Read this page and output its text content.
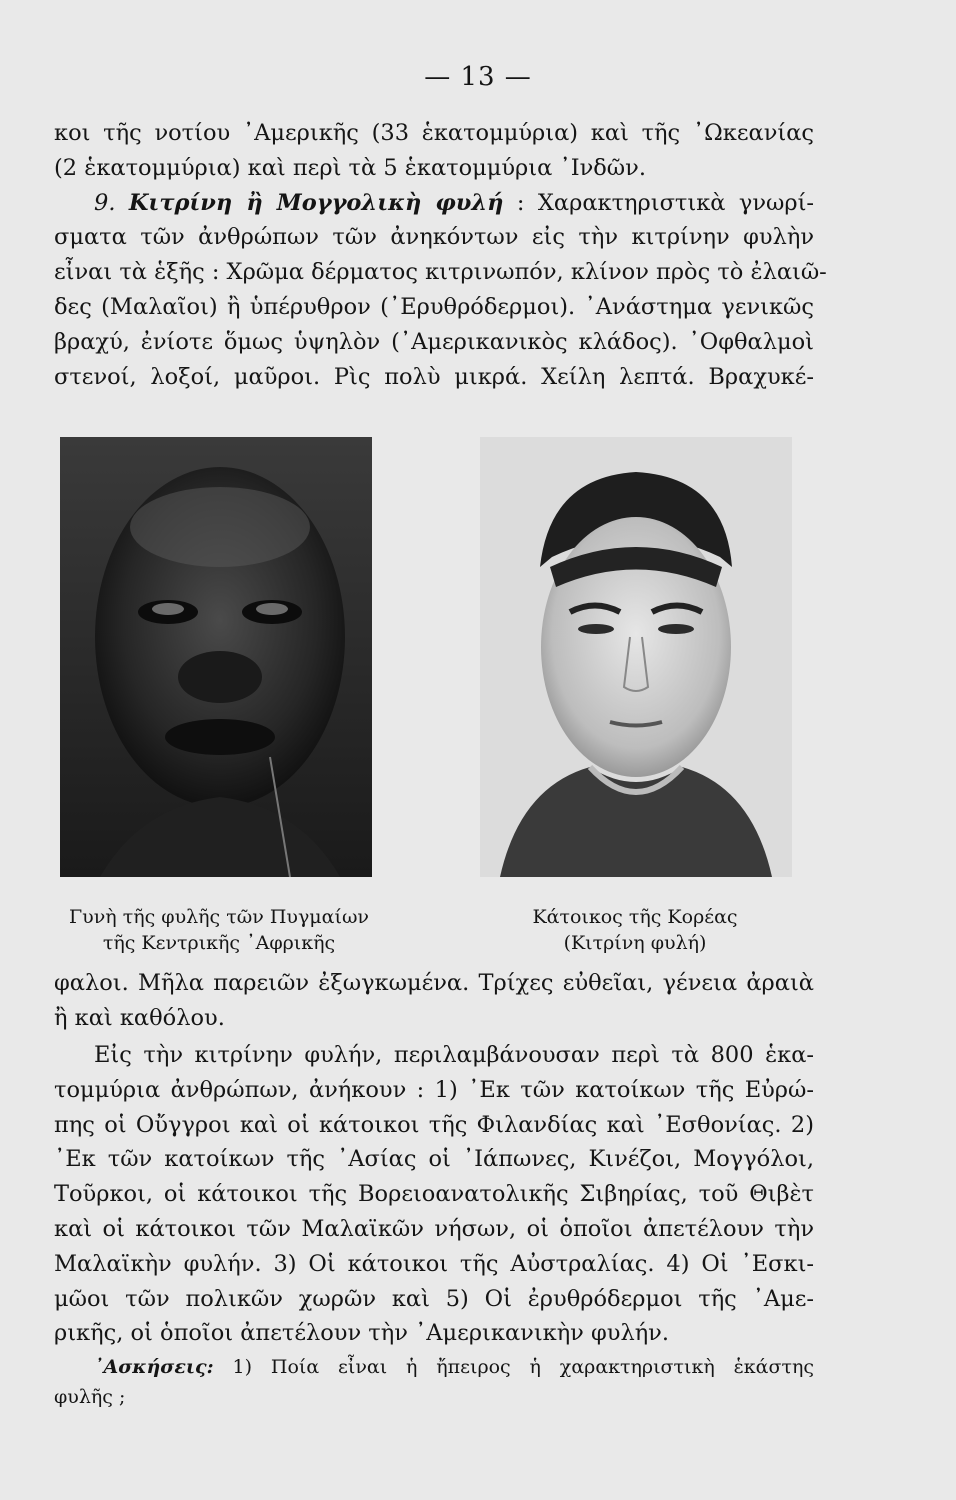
— 13 —
κοι τῆς νοτίου ᾿Αμερικῆς (33 ἑκατομμύρια) καὶ τῆς ᾿Ωκεανίας
(2 ἑκατομμύρια) καὶ περὶ τὰ 5 ἑκατομμύρια ᾿Ινδῶν.
9. Κιτρίνη ἢ Μογγολικὴ φυλή : Χαρακτηριστικὰ γνωρί-
σματα τῶν ἀνθρώπων τῶν ἀνηκόντων εἰς τὴν κιτρίνην φυλὴν
εἶναι τὰ ἑξῆς : Χρῶμα δέρματος κιτρινωπόν, κλίνον πρὸς τὸ ἐλαιῶ-
δες (Μαλαῖοι) ἢ ὑπέρυθρον (᾿Ερυθρόδερμοι). ᾿Ανάστημα γενικῶς
βραχύ, ἐνίοτε ὅμως ὑψηλὸν (᾿Αμερικανικὸς κλάδος). ᾿Οφθαλμοὶ
στενοί, λοξοί, μαῦροι. Ρὶς πολὺ μικρά. Χείλη λεπτά. Βραχυκέ-
Γυνὴ τῆς φυλῆς τῶν Πυγμαίων
τῆς Κεντρικῆς ᾿Αφρικῆς
Κάτοικος τῆς Κορέας
(Κιτρίνη φυλή)
φαλοι. Μῆλα παρειῶν ἐξωγκωμένα. Τρίχες εὐθεῖαι, γένεια ἀραιὰ
ἢ καὶ καθόλου.
Εἰς τὴν κιτρίνην φυλήν, περιλαμβάνουσαν περὶ τὰ 800 ἑκα-
τομμύρια ἀνθρώπων, ἀνήκουν : 1) ᾿Εκ τῶν κατοίκων τῆς Εὐρώ-
πης οἱ Οὔγγροι καὶ οἱ κάτοικοι τῆς Φιλανδίας καὶ ᾿Εσθονίας. 2)
᾿Εκ τῶν κατοίκων τῆς ᾿Ασίας οἱ ᾿Ιάπωνες, Κινέζοι, Μογγόλοι,
Τοῦρκοι, οἱ κάτοικοι τῆς Βορειοανατολικῆς Σιβηρίας, τοῦ Θιβὲτ
καὶ οἱ κάτοικοι τῶν Μαλαϊκῶν νήσων, οἱ ὁποῖοι ἀπετέλουν τὴν
Μαλαϊκὴν φυλήν. 3) Οἱ κάτοικοι τῆς Αὐστραλίας. 4) Οἱ ᾿Εσκι-
μῶοι τῶν πολικῶν χωρῶν καὶ 5) Οἱ ἐρυθρόδερμοι τῆς ᾿Αμε-
ρικῆς, οἱ ὁποῖοι ἀπετέλουν τὴν ᾿Αμερικανικὴν φυλήν.
᾿Ασκήσεις: 1) Ποία εἶναι ἡ ἤπειρος ἡ χαρακτηριστικὴ ἑκάστης
φυλῆς ;
